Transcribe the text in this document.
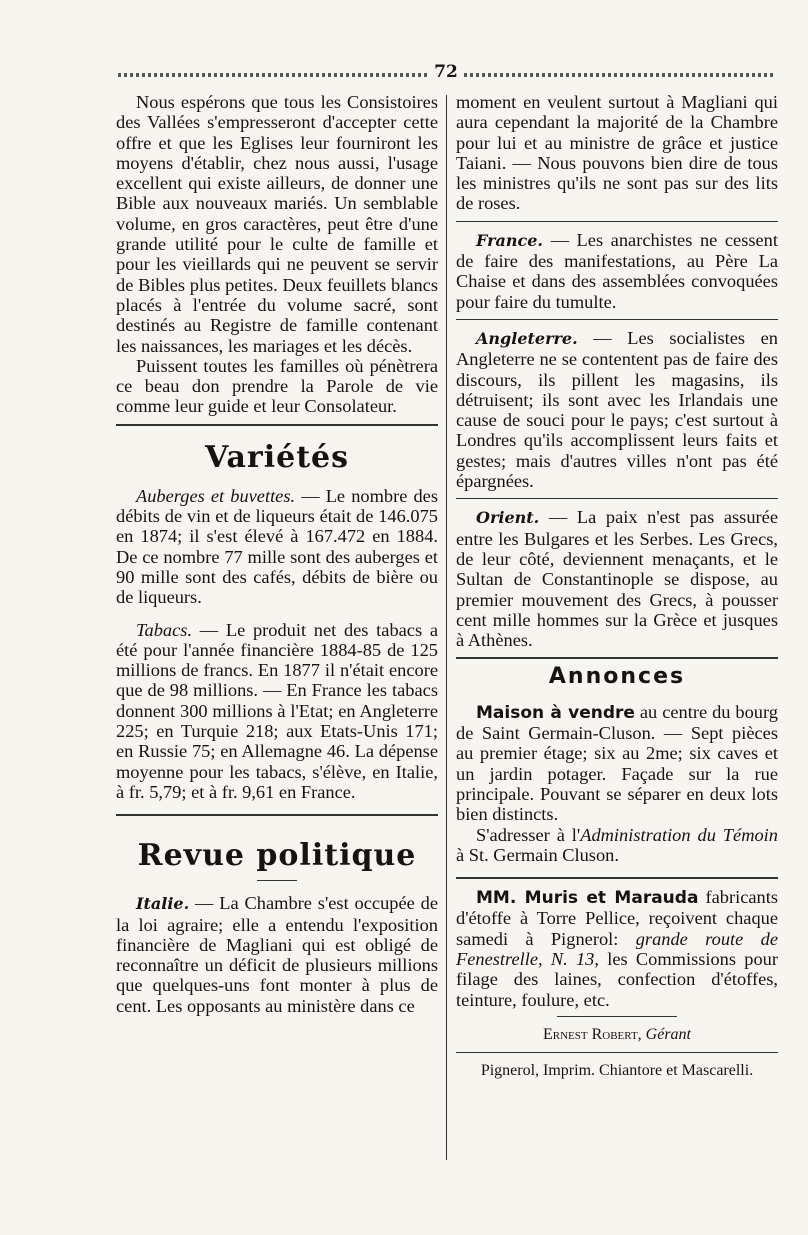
72

Nous espérons que tous les Consistoires des Vallées s'empresseront d'accepter cette offre et que les Eglises leur fourniront les moyens d'établir, chez nous aussi, l'usage excellent qui existe ailleurs, de donner une Bible aux nouveaux mariés. Un semblable volume, en gros caractères, peut être d'une grande utilité pour le culte de famille et pour les vieillards qui ne peuvent se servir de Bibles plus petites. Deux feuillets blancs placés à l'entrée du volume sacré, sont destinés au Registre de famille contenant les naissances, les mariages et les décès.

Puissent toutes les familles où pénètrera ce beau don prendre la Parole de vie comme leur guide et leur Consolateur.

Variétés

Auberges et buvettes. — Le nombre des débits de vin et de liqueurs était de 146.075 en 1874; il s'est élevé à 167.472 en 1884. De ce nombre 77 mille sont des auberges et 90 mille sont des cafés, débits de bière ou de liqueurs.

Tabacs. — Le produit net des tabacs a été pour l'année financière 1884-85 de 125 millions de francs. En 1877 il n'était encore que de 98 millions. — En France les tabacs donnent 300 millions à l'Etat; en Angleterre 225; en Turquie 218; aux Etats-Unis 171; en Russie 75; en Allemagne 46. La dépense moyenne pour les tabacs, s'élève, en Italie, à fr. 5,79; et à fr. 9,61 en France.

Revue politique

Italie. — La Chambre s'est occupée de la loi agraire; elle a entendu l'exposition financière de Magliani qui est obligé de reconnaître un déficit de plusieurs millions que quelques-uns font monter à plus de cent. Les opposants au ministère dans ce

moment en veulent surtout à Magliani qui aura cependant la majorité de la Chambre pour lui et au ministre de grâce et justice Taiani. — Nous pouvons bien dire de tous les ministres qu'ils ne sont pas sur des lits de roses.

France. — Les anarchistes ne cessent de faire des manifestations, au Père La Chaise et dans des assemblées convoquées pour faire du tumulte.

Angleterre. — Les socialistes en Angleterre ne se contentent pas de faire des discours, ils pillent les magasins, ils détruisent; ils sont avec les Irlandais une cause de souci pour le pays; c'est surtout à Londres qu'ils accomplissent leurs faits et gestes; mais d'autres villes n'ont pas été épargnées.

Orient. — La paix n'est pas assurée entre les Bulgares et les Serbes. Les Grecs, de leur côté, deviennent menaçants, et le Sultan de Constantinople se dispose, au premier mouvement des Grecs, à pousser cent mille hommes sur la Grèce et jusques à Athènes.

Annonces

Maison à vendre au centre du bourg de Saint Germain-Cluson. — Sept pièces au premier étage; six au 2me; six caves et un jardin potager. Façade sur la rue principale. Pouvant se séparer en deux lots bien distincts.

S'adresser à l'Administration du Témoin à St. Germain Cluson.

MM. Muris et Marauda fabricants d'étoffe à Torre Pellice, reçoivent chaque samedi à Pignerol: grande route de Fenestrelle, N. 13, les Commissions pour filage des laines, confection d'étoffes, teinture, foulure, etc.

Ernest Robert, Gérant

Pignerol, Imprim. Chiantore et Mascarelli.
